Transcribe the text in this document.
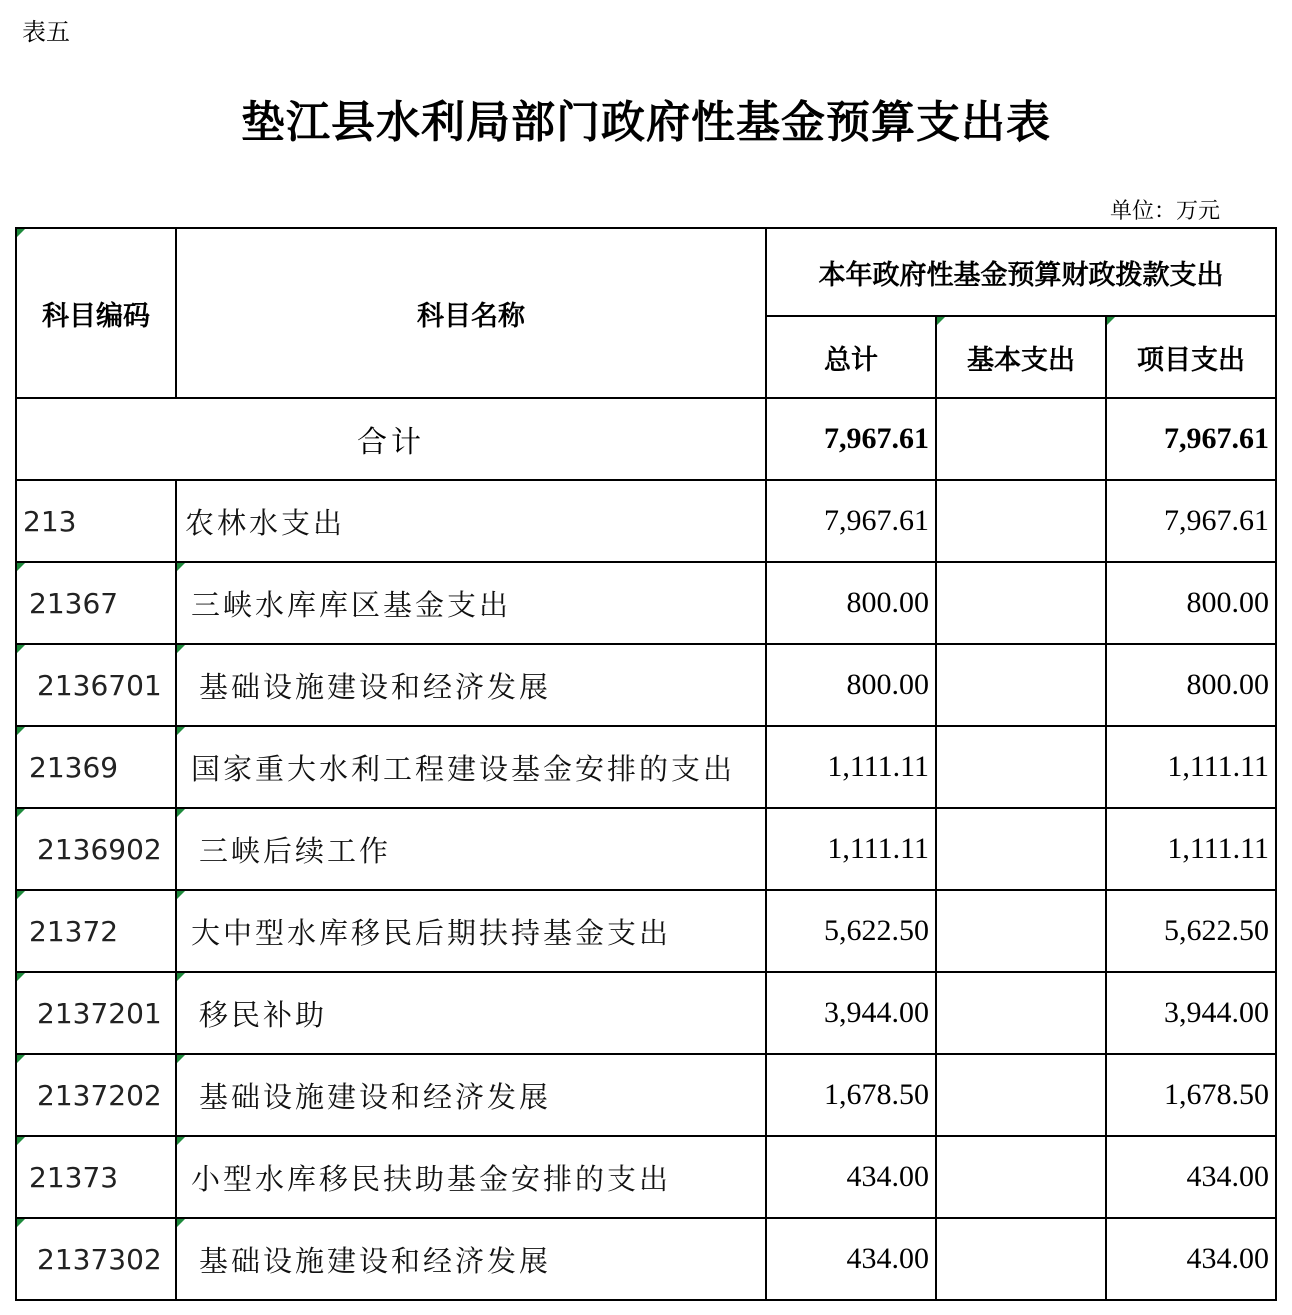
表五
垫江县水利局部门政府性基金预算支出表
单位：万元
科目编码	科目名称	本年政府性基金预算财政拨款支出		
		总计	基本支出	项目支出
合计		7,967.61		7,967.61
213	农林水支出	7,967.61		7,967.61
21367	三峡水库库区基金支出	800.00		800.00
2136701	基础设施建设和经济发展	800.00		800.00
21369	国家重大水利工程建设基金安排的支出	1,111.11		1,111.11
2136902	三峡后续工作	1,111.11		1,111.11
21372	大中型水库移民后期扶持基金支出	5,622.50		5,622.50
2137201	移民补助	3,944.00		3,944.00
2137202	基础设施建设和经济发展	1,678.50		1,678.50
21373	小型水库移民扶助基金安排的支出	434.00		434.00
2137302	基础设施建设和经济发展	434.00		434.00
